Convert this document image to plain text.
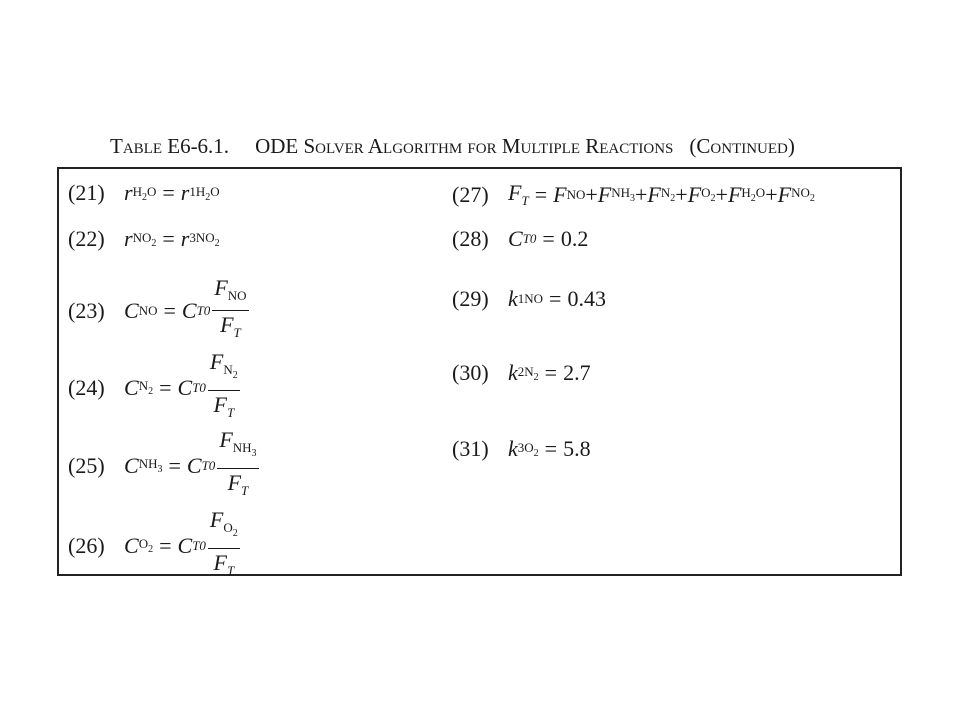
Table E6-6.1. ODE Solver Algorithm for Multiple Reactions (Continued)
(21) r $H_2O = r$ $1H_2O$
(22) r $NO_2 = r$ $3NO_2$
(23) C NO = C $T0 \frac{F_{NO}}{F_T}$
(24) C $N_2 = C$ $T0 \frac{F_{N_2}}{F_T}$
(25) C $NH_3 = C$ $T0 \frac{F_{NH_3}}{F_T}$
(26) C $O_2 = C$ $T0 \frac{F_{O_2}}{F_T}$
(27) $F_T = F$ NO + F $NH_3 + F$ $N_2 + F$ $O_2 + F$ $H_2O + F$ $NO_2$
(28) C T0 = 0.2
(29) k 1NO = 0.43
(30) k $2N_2 = 2.7$
(31) k $3O_2 = 5.8$
